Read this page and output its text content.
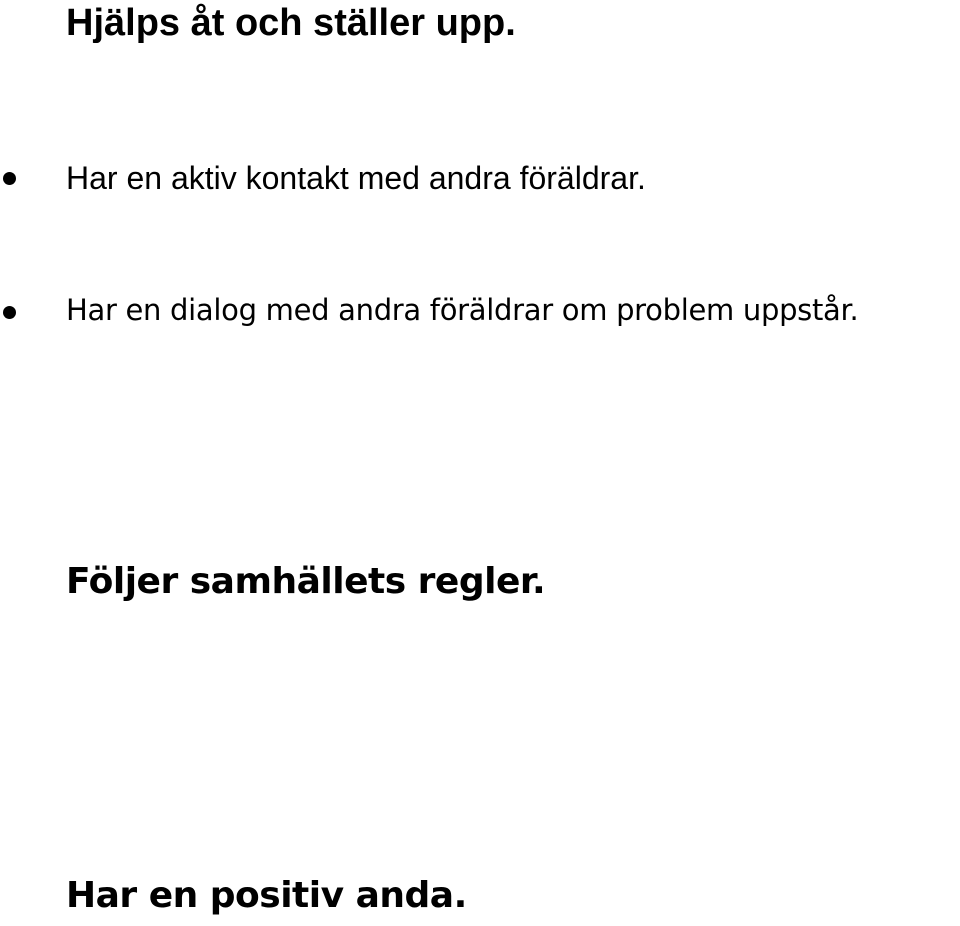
Hjälps åt och ställer upp.
Har en aktiv kontakt med andra föräldrar.
Har en dialog med andra föräldrar om problem uppstår.
Följer samhällets regler.
Har en positiv anda.
